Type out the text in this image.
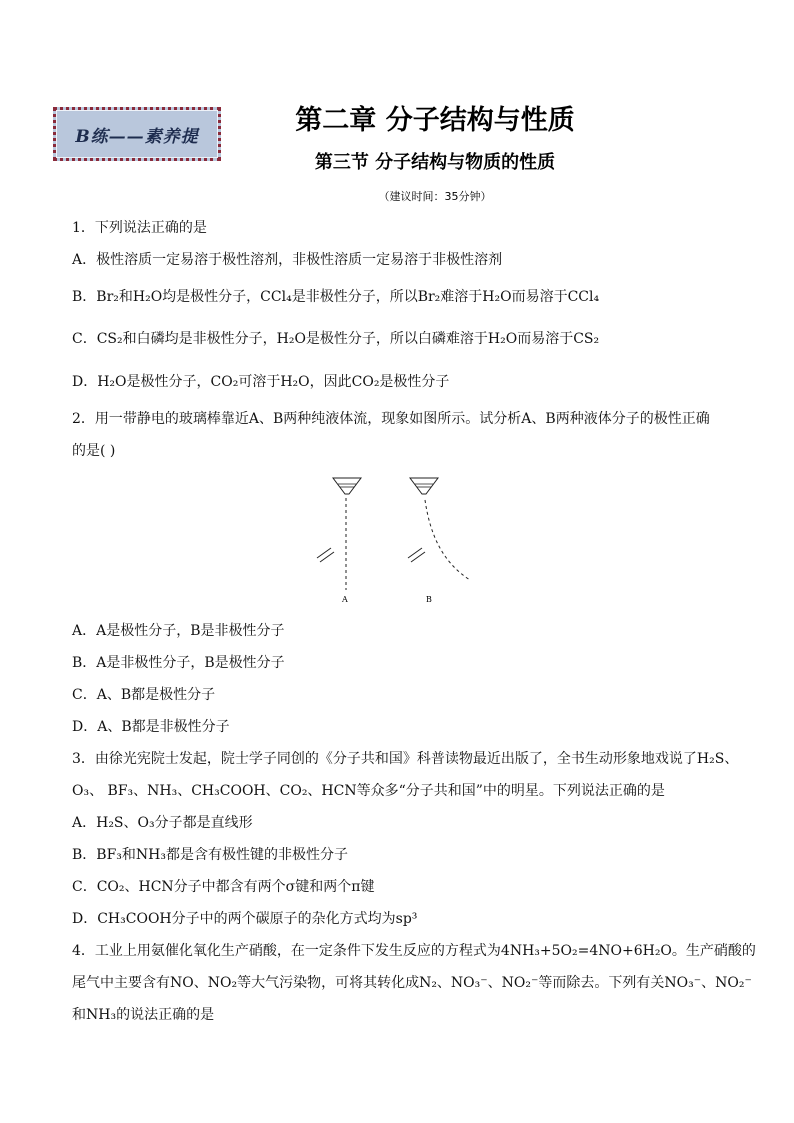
B练——素养提
第二章 分子结构与性质
第三节 分子结构与物质的性质
（建议时间：35分钟）
1．下列说法正确的是
A．极性溶质一定易溶于极性溶剂，非极性溶质一定易溶于非极性溶剂
B．Br₂和H₂O均是极性分子，CCl₄是非极性分子，所以Br₂难溶于H₂O而易溶于CCl₄
C．CS₂和白磷均是非极性分子，H₂O是极性分子，所以白磷难溶于H₂O而易溶于CS₂
D．H₂O是极性分子，CO₂可溶于H₂O，因此CO₂是极性分子
2．用一带静电的玻璃棒靠近A、B两种纯液体流，现象如图所示。试分析A、B两种液体分子的极性正确
的是( )
A	B
A．A是极性分子，B是非极性分子
B．A是非极性分子，B是极性分子
C．A、B都是极性分子
D．A、B都是非极性分子
3．由徐光宪院士发起，院士学子同创的《分子共和国》科普读物最近出版了，全书生动形象地戏说了H₂S、
O₃、 BF₃、NH₃、CH₃COOH、CO₂、HCN等众多“分子共和国”中的明星。下列说法正确的是
A．H₂S、O₃分子都是直线形
B．BF₃和NH₃都是含有极性键的非极性分子
C．CO₂、HCN分子中都含有两个σ键和两个π键
D．CH₃COOH分子中的两个碳原子的杂化方式均为sp³
4．工业上用氨催化氧化生产硝酸，在一定条件下发生反应的方程式为4NH₃+5O₂=4NO+6H₂O。生产硝酸的
尾气中主要含有NO、NO₂等大气污染物，可将其转化成N₂、NO₃⁻、NO₂⁻等而除去。下列有关NO₃⁻、NO₂⁻
和NH₃的说法正确的是
